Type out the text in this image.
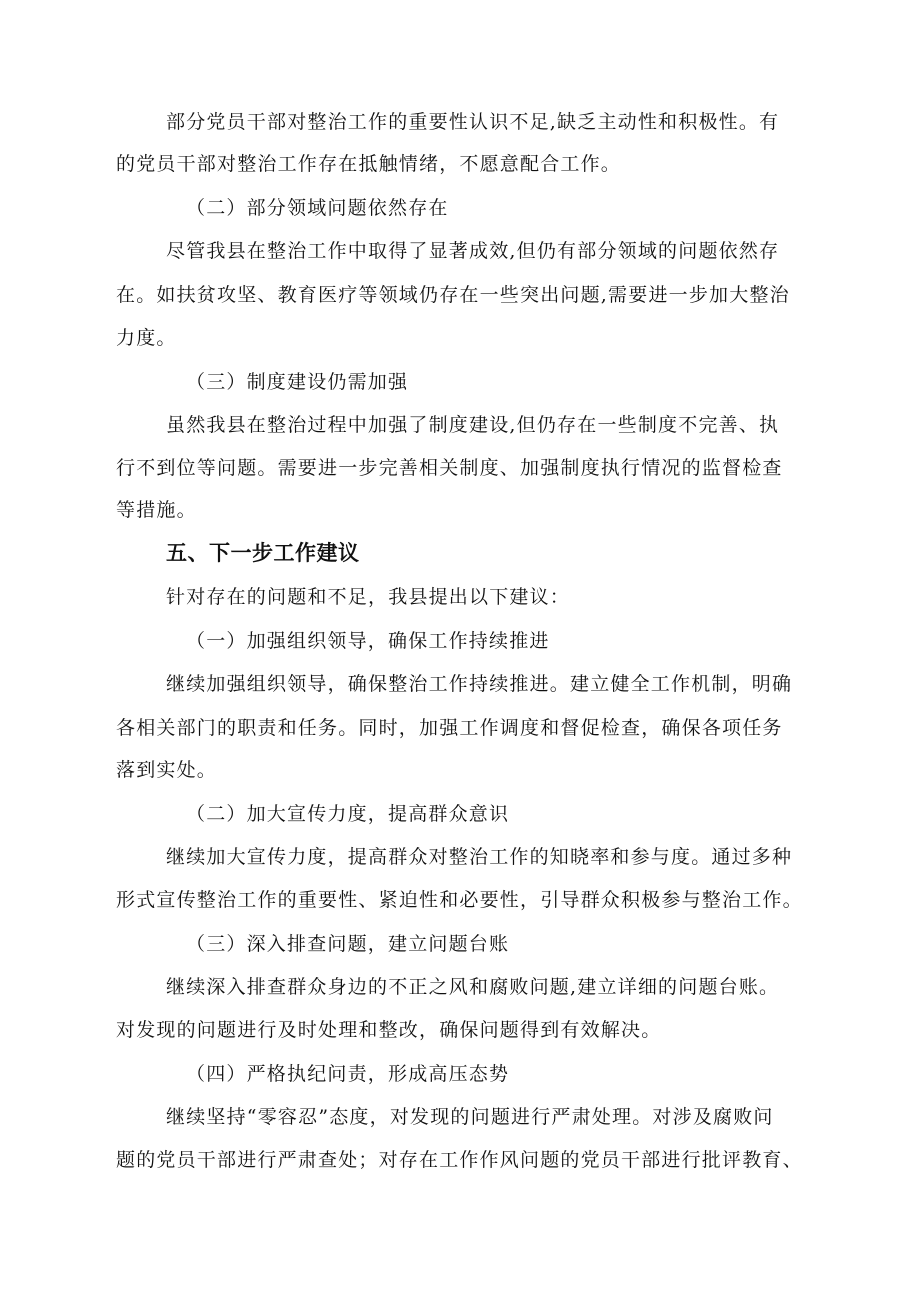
部分党员干部对整治工作的重要性认识不足,缺乏主动性和积极性。有
的党员干部对整治工作存在抵触情绪，不愿意配合工作。
（二）部分领域问题依然存在
尽管我县在整治工作中取得了显著成效,但仍有部分领域的问题依然存
在。如扶贫攻坚、教育医疗等领域仍存在一些突出问题,需要进一步加大整治
力度。
（三）制度建设仍需加强
虽然我县在整治过程中加强了制度建设,但仍存在一些制度不完善、执
行不到位等问题。需要进一步完善相关制度、加强制度执行情况的监督检查
等措施。
五、下一步工作建议
针对存在的问题和不足，我县提出以下建议：
（一）加强组织领导，确保工作持续推进
继续加强组织领导，确保整治工作持续推进。建立健全工作机制，明确
各相关部门的职责和任务。同时，加强工作调度和督促检查，确保各项任务
落到实处。
（二）加大宣传力度，提高群众意识
继续加大宣传力度，提高群众对整治工作的知晓率和参与度。通过多种
形式宣传整治工作的重要性、紧迫性和必要性，引导群众积极参与整治工作。
（三）深入排查问题，建立问题台账
继续深入排查群众身边的不正之风和腐败问题,建立详细的问题台账。
对发现的问题进行及时处理和整改，确保问题得到有效解决。
（四）严格执纪问责，形成高压态势
继续坚持“零容忍”态度，对发现的问题进行严肃处理。对涉及腐败问
题的党员干部进行严肃查处；对存在工作作风问题的党员干部进行批评教育、
